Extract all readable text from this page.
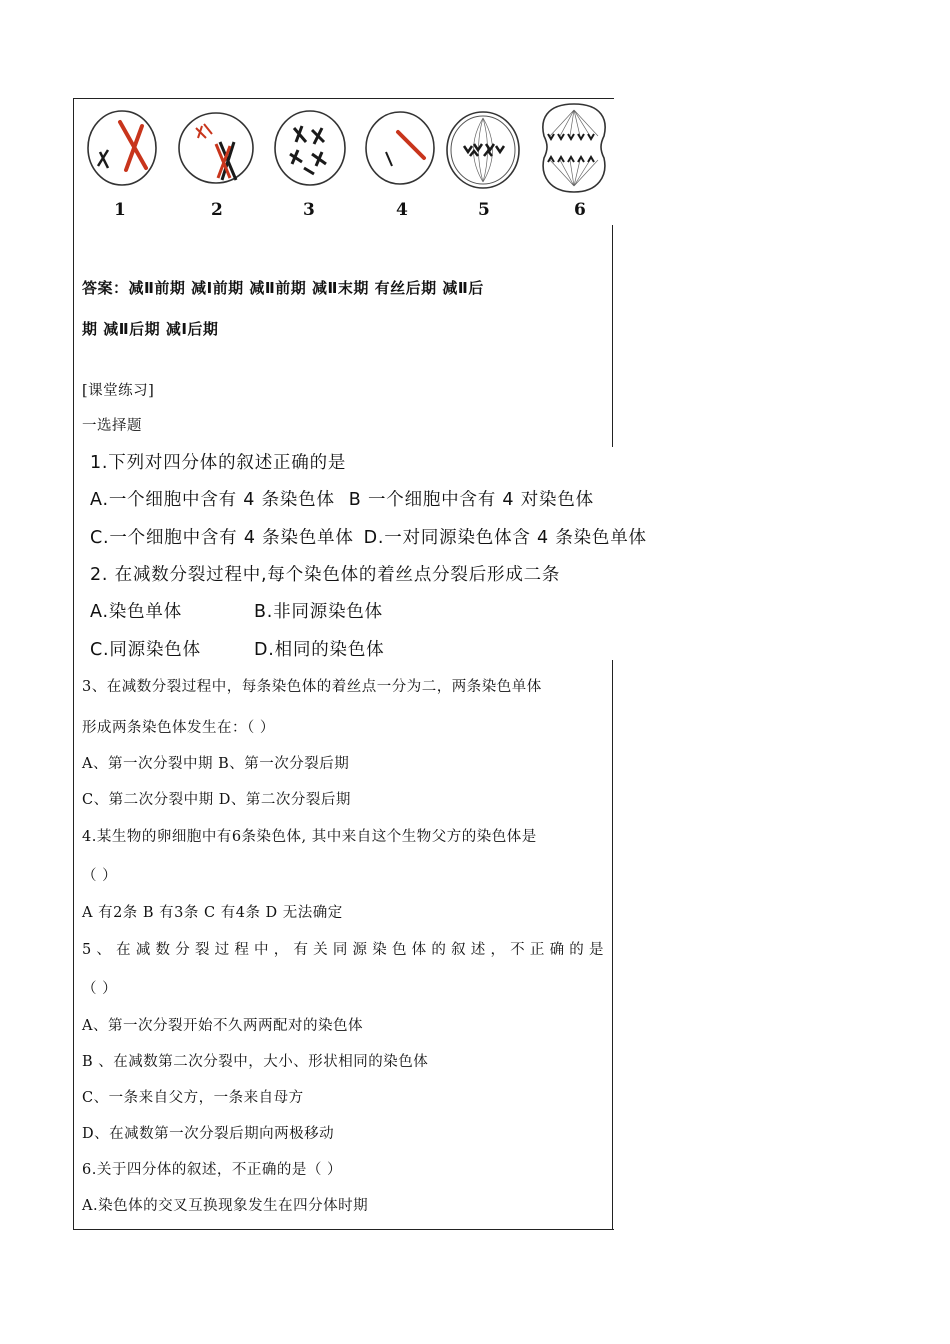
1	2	3	4	5	6
答案：减Ⅱ前期 减Ⅰ前期 减Ⅱ前期 减Ⅱ末期 有丝后期 减Ⅱ后
期 减Ⅱ后期 减Ⅰ后期
[课堂练习]
一选择题
1.下列对四分体的叙述正确的是
A.一个细胞中含有 4 条染色体 B 一个细胞中含有 4 对染色体
C.一个细胞中含有 4 条染色单体 D.一对同源染色体含 4 条染色单体
2. 在减数分裂过程中,每个染色体的着丝点分裂后形成二条
A.染色单体	B.非同源染色体
C.同源染色体	D.相同的染色体
3、在减数分裂过程中，每条染色体的着丝点一分为二，两条染色单体
形成两条染色体发生在：（ ）
A、第一次分裂中期 B、第一次分裂后期
C、第二次分裂中期 D、第二次分裂后期
4.某生物的卵细胞中有6条染色体, 其中来自这个生物父方的染色体是
（ ）
A 有2条 B 有3条 C 有4条 D 无法确定
5、在减数分裂过程中，有关同源染色体的叙述，不正确的是
（ ）
A、第一次分裂开始不久两两配对的染色体
B 、在减数第二次分裂中，大小、形状相同的染色体
C、一条来自父方，一条来自母方
D、在减数第一次分裂后期向两极移动
6.关于四分体的叙述，不正确的是（ ）
A.染色体的交叉互换现象发生在四分体时期
